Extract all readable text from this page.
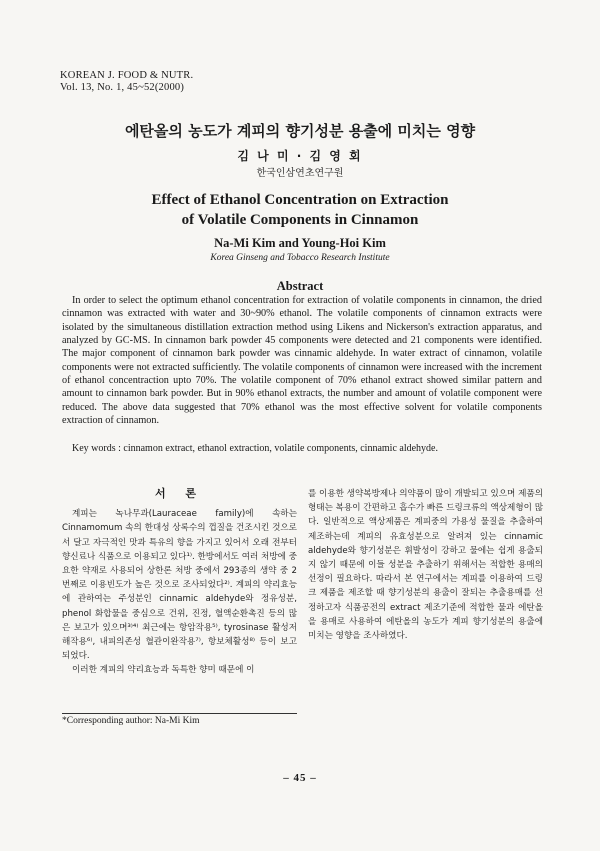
KOREAN J. FOOD & NUTR.
Vol. 13, No. 1, 45~52(2000)
에탄올의 농도가 계피의 향기성분 용출에 미치는 영향
김 나 미 · 김 영 회
한국인삼연초연구원
Effect of Ethanol Concentration on Extraction
of Volatile Components in Cinnamon
Na-Mi Kim and Young-Hoi Kim
Korea Ginseng and Tobacco Research Institute
Abstract

In order to select the optimum ethanol concentration for extraction of volatile components in cinnamon, the dried cinnamon was extracted with water and 30~90% ethanol. The volatile components of cinnamon extracts were isolated by the simultaneous distillation extraction method using Likens and Nickerson's extraction apparatus, and analyzed by GC-MS. In cinnamon bark powder 45 components were detected and 21 components were identified. The major component of cinnamon bark powder was cinnamic aldehyde. In water extract of cinnamon, volatile components were not extracted sufficiently. The volatile components of cinnamon were increased with the increment of ethanol concentraction upto 70%. The volatile component of 70% ethanol extract showed similar pattern and amount to cinnamon bark powder. But in 90% ethanol extracts, the number and amount of volatile component were reduced. The above data suggested that 70% ethanol was the most effective solvent for volatile components extraction of cinnamon.

Key words : cinnamon extract, ethanol extraction, volatile components, cinnamic aldehyde.
서 론

계피는 녹나무과(Lauraceae family)에 속하는 Cinnamomum 속의 한대성 상록수의 껍질을 건조시킨 것으로서 달고 자극적인 맛과 특유의 향을 가지고 있어서 오래 전부터 향신료나 식품으로 이용되고 있다¹⁾. 한방에서도 여러 처방에 중요한 약재로 사용되어 상한론 처방 중에서 293종의 생약 중 2번째로 이용빈도가 높은 것으로 조사되었다²⁾. 계피의 약리효능에 관하여는 주성분인 cinnamic aldehyde와 정유성분, phenol 화합물을 중심으로 건위, 진정, 혈액순환촉진 등의 많은 보고가 있으며³⁾⁴⁾ 최근에는 항암작용⁵⁾, tyrosinase 활성저해작용⁶⁾, 내피의존성 혈관이완작용⁷⁾, 항보체활성⁸⁾ 등이 보고되었다.

이러한 계피의 약리효능과 독특한 향미 때문에 이

를 이용한 생약복방제나 의약품이 많이 개발되고 있으며 제품의 형태는 복용이 간편하고 흡수가 빠른 드링크류의 액상제형이 많다. 일반적으로 액상제품은 계피중의 가용성 물질을 추출하여 제조하는데 계피의 유효성분으로 알려져 있는 cinnamic aldehyde와 향기성분은 휘발성이 강하고 물에는 쉽게 용출되지 않기 때문에 이들 성분을 추출하기 위해서는 적합한 용매의 선정이 필요하다. 따라서 본 연구에서는 계피를 이용하여 드링크 제품을 제조할 때 향기성분의 용출이 잘되는 추출용매를 선정하고자 식품공전의 extract 제조기준에 적합한 물과 에탄올을 용매로 사용하여 에탄올의 농도가 계피 향기성분의 용출에 미치는 영향을 조사하였다.

*Corresponding author: Na-Mi Kim
– 45 –
